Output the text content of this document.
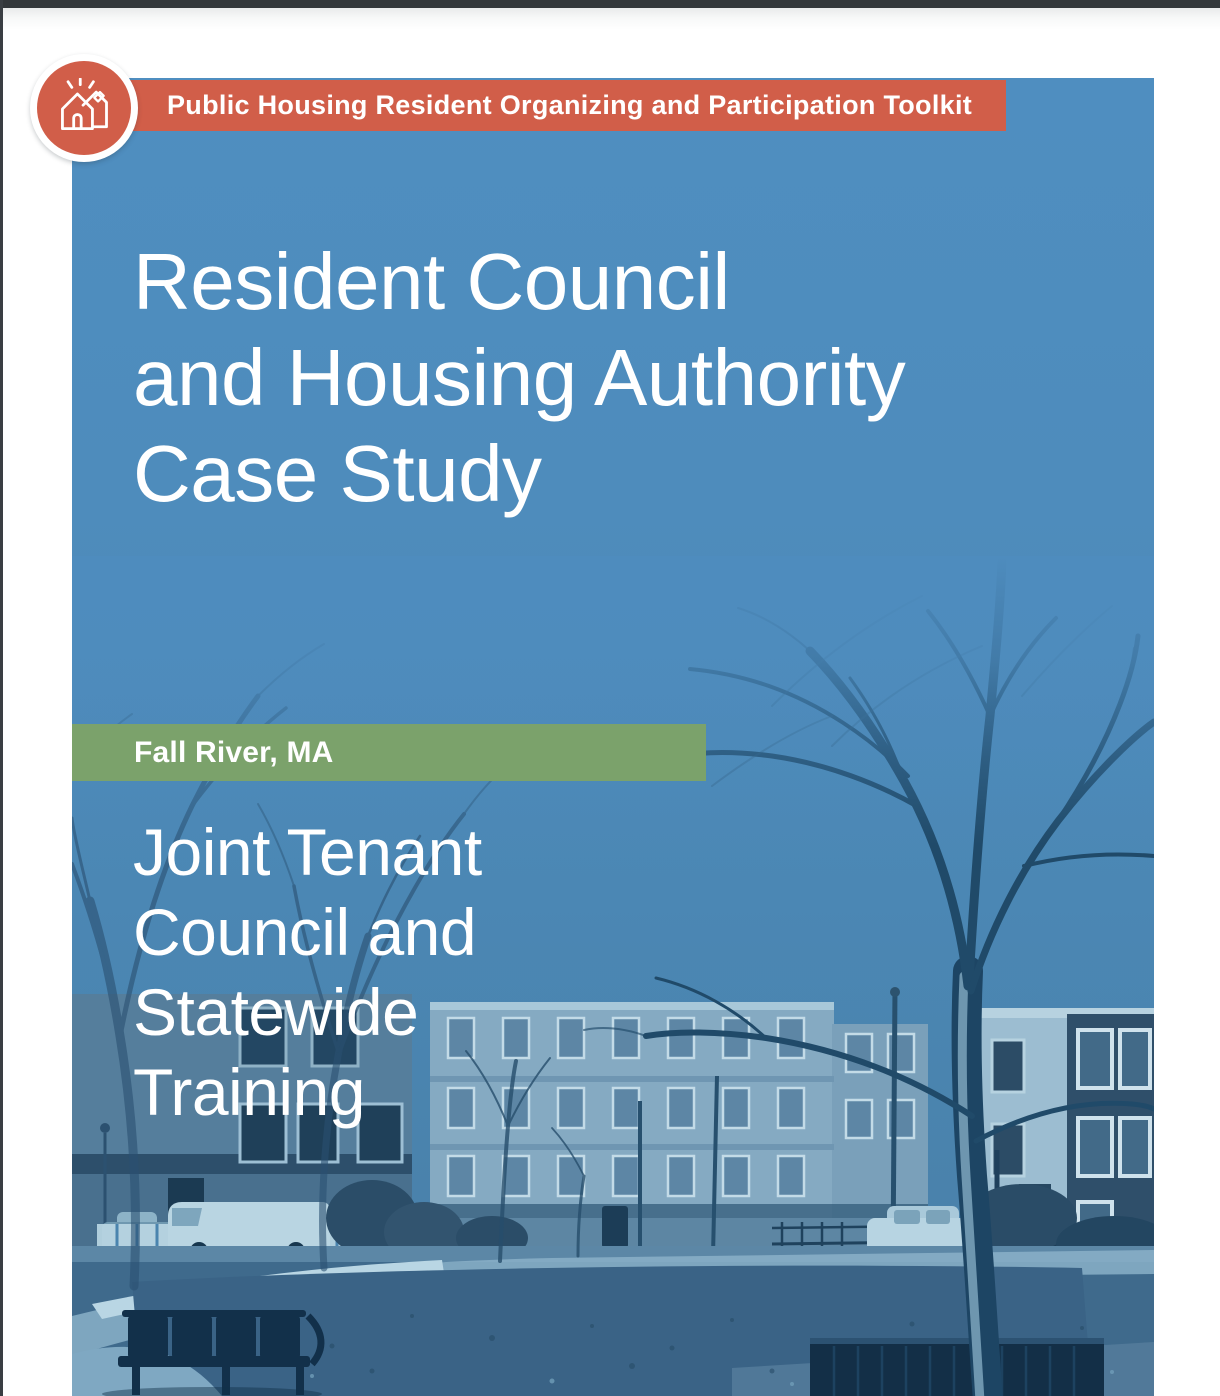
Resident Council
and Housing Authority
Case Study
Fall River, MA
Joint Tenant
Council and
Statewide
Training
Public Housing Resident Organizing and Participation Toolkit
